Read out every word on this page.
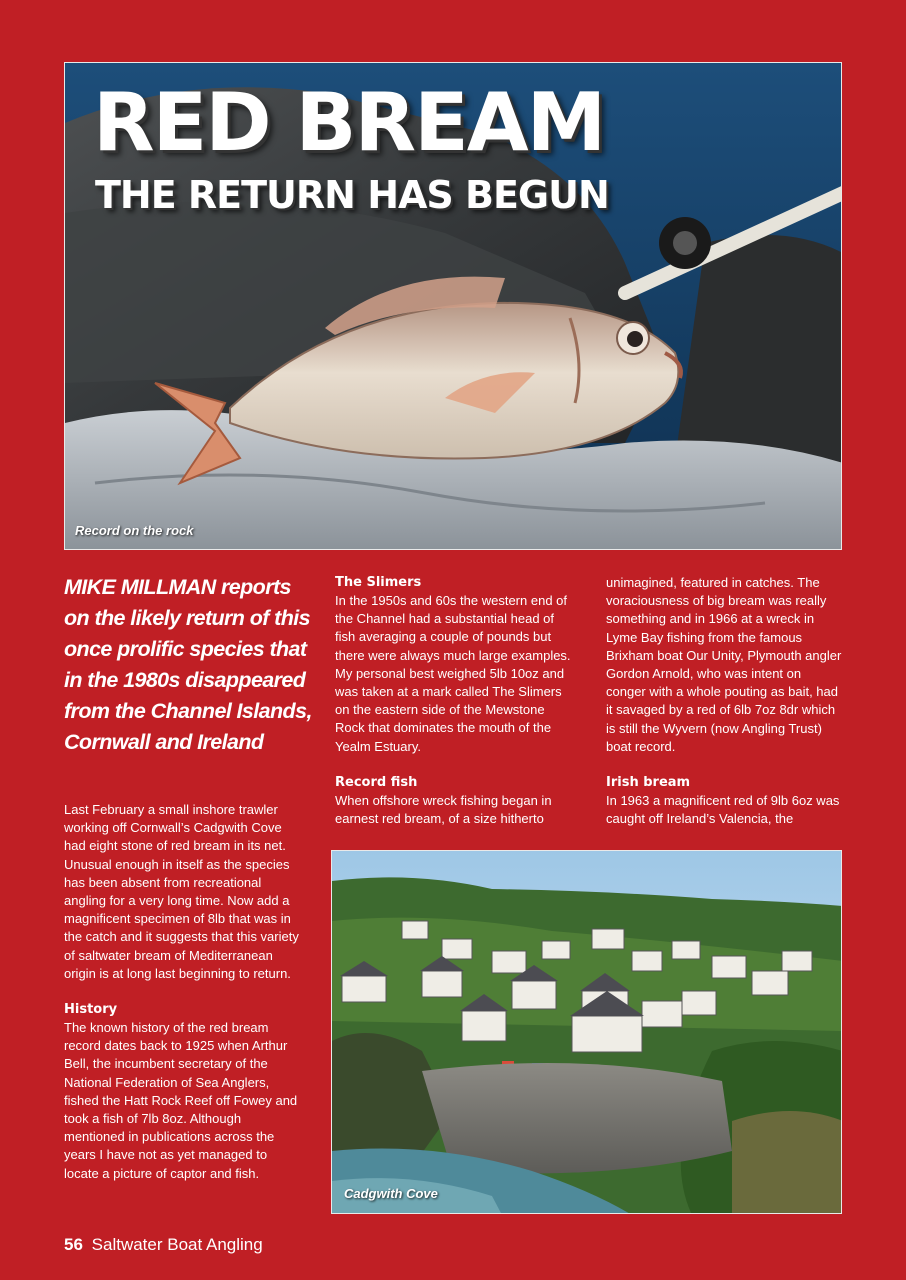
RED BREAM
THE RETURN HAS BEGUN
Record on the rock
MIKE MILLMAN reports on the likely return of this once prolific species that in the 1980s disappeared from the Channel Islands, Cornwall and Ireland

Last February a small inshore trawler working off Cornwall’s Cadgwith Cove had eight stone of red bream in its net. Unusual enough in itself as the species has been absent from recreational angling for a very long time. Now add a magnificent specimen of 8lb that was in the catch and it suggests that this variety of saltwater bream of Mediterranean origin is at long last beginning to return.

History

The known history of the red bream record dates back to 1925 when Arthur Bell, the incumbent secretary of the National Federation of Sea Anglers, fished the Hatt Rock Reef off Fowey and took a fish of 7lb 8oz. Although mentioned in publications across the years I have not as yet managed to locate a picture of captor and fish.

The Slimers

In the 1950s and 60s the western end of the Channel had a substantial head of fish averaging a couple of pounds but there were always much large examples. My personal best weighed 5lb 10oz and was taken at a mark called The Slimers on the eastern side of the Mewstone Rock that dominates the mouth of the Yealm Estuary.

Record fish

When offshore wreck fishing began in earnest red bream, of a size hitherto

unimagined, featured in catches. The voraciousness of big bream was really something and in 1966 at a wreck in Lyme Bay fishing from the famous Brixham boat Our Unity, Plymouth angler Gordon Arnold, who was intent on conger with a whole pouting as bait, had it savaged by a red of 6lb 7oz 8dr which is still the Wyvern (now Angling Trust) boat record.

Irish bream

In 1963 a magnificent red of 9lb 6oz was caught off Ireland’s Valencia, the

Cadgwith Cove
56 Saltwater Boat Angling
